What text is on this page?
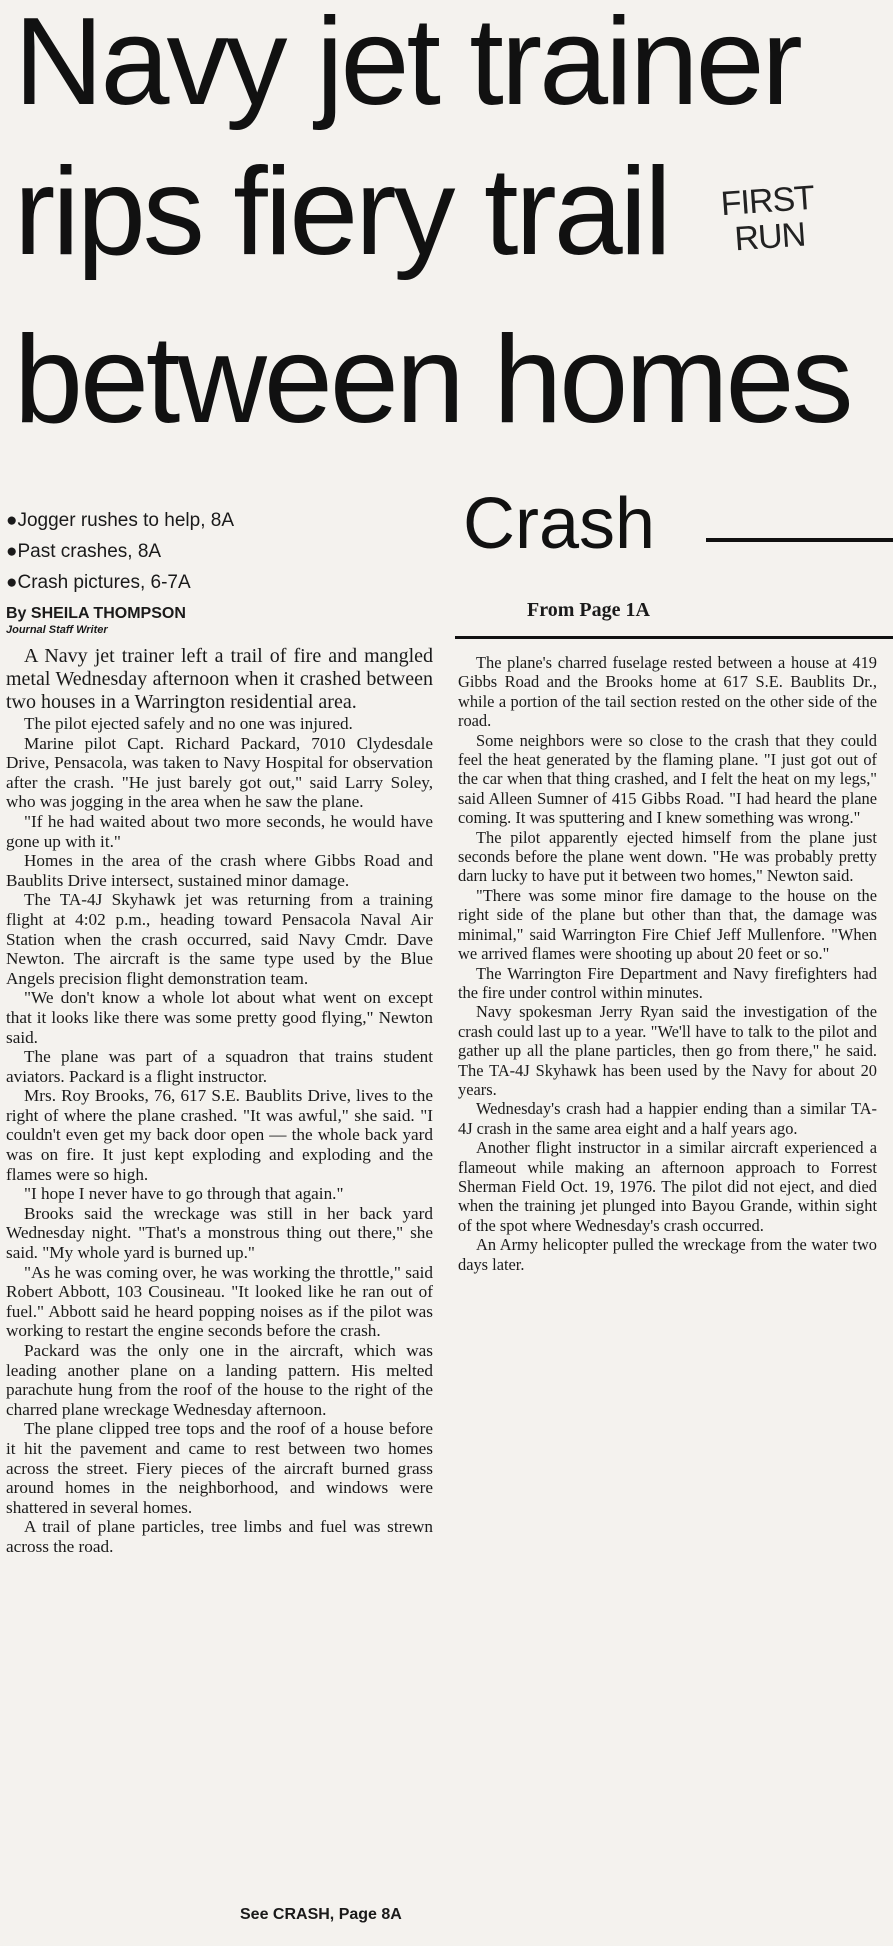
Navy jet trainer
rips fiery trail
between homes
FIRST
RUN
●Jogger rushes to help, 8A
●Past crashes, 8A
●Crash pictures, 6-7A
By SHEILA THOMPSON
Journal Staff Writer

A Navy jet trainer left a trail of fire and mangled metal Wednesday afternoon when it crashed between two houses in a Warrington residential area.

The pilot ejected safely and no one was injured.

Marine pilot Capt. Richard Packard, 7010 Clydesdale Drive, Pensacola, was taken to Navy Hospital for observation after the crash. "He just barely got out," said Larry Soley, who was jogging in the area when he saw the plane.

"If he had waited about two more seconds, he would have gone up with it."

Homes in the area of the crash where Gibbs Road and Baublits Drive intersect, sustained minor damage.

The TA-4J Skyhawk jet was returning from a training flight at 4:02 p.m., heading toward Pensacola Naval Air Station when the crash occurred, said Navy Cmdr. Dave Newton. The aircraft is the same type used by the Blue Angels precision flight demonstration team.

"We don't know a whole lot about what went on except that it looks like there was some pretty good flying," Newton said.

The plane was part of a squadron that trains student aviators. Packard is a flight instructor.

Mrs. Roy Brooks, 76, 617 S.E. Baublits Drive, lives to the right of where the plane crashed. "It was awful," she said. "I couldn't even get my back door open — the whole back yard was on fire. It just kept exploding and exploding and the flames were so high.

"I hope I never have to go through that again."

Brooks said the wreckage was still in her back yard Wednesday night. "That's a monstrous thing out there," she said. "My whole yard is burned up."

"As he was coming over, he was working the throttle," said Robert Abbott, 103 Cousineau. "It looked like he ran out of fuel." Abbott said he heard popping noises as if the pilot was working to restart the engine seconds before the crash.

Packard was the only one in the aircraft, which was leading another plane on a landing pattern. His melted parachute hung from the roof of the house to the right of the charred plane wreckage Wednesday afternoon.

The plane clipped tree tops and the roof of a house before it hit the pavement and came to rest between two homes across the street. Fiery pieces of the aircraft burned grass around homes in the neighborhood, and windows were shattered in several homes.

A trail of plane particles, tree limbs and fuel was strewn across the road.

See CRASH, Page 8A
Crash
From Page 1A

The plane's charred fuselage rested between a house at 419 Gibbs Road and the Brooks home at 617 S.E. Baublits Dr., while a portion of the tail section rested on the other side of the road.

Some neighbors were so close to the crash that they could feel the heat generated by the flaming plane. "I just got out of the car when that thing crashed, and I felt the heat on my legs," said Alleen Sumner of 415 Gibbs Road. "I had heard the plane coming. It was sputtering and I knew something was wrong."

The pilot apparently ejected himself from the plane just seconds before the plane went down. "He was probably pretty darn lucky to have put it between two homes," Newton said.

"There was some minor fire damage to the house on the right side of the plane but other than that, the damage was minimal," said Warrington Fire Chief Jeff Mullenfore. "When we arrived flames were shooting up about 20 feet or so."

The Warrington Fire Department and Navy firefighters had the fire under control within minutes.

Navy spokesman Jerry Ryan said the investigation of the crash could last up to a year. "We'll have to talk to the pilot and gather up all the plane particles, then go from there," he said. The TA-4J Skyhawk has been used by the Navy for about 20 years.

Wednesday's crash had a happier ending than a similar TA-4J crash in the same area eight and a half years ago.

Another flight instructor in a similar aircraft experienced a flameout while making an afternoon approach to Forrest Sherman Field Oct. 19, 1976. The pilot did not eject, and died when the training jet plunged into Bayou Grande, within sight of the spot where Wednesday's crash occurred.

An Army helicopter pulled the wreckage from the water two days later.
